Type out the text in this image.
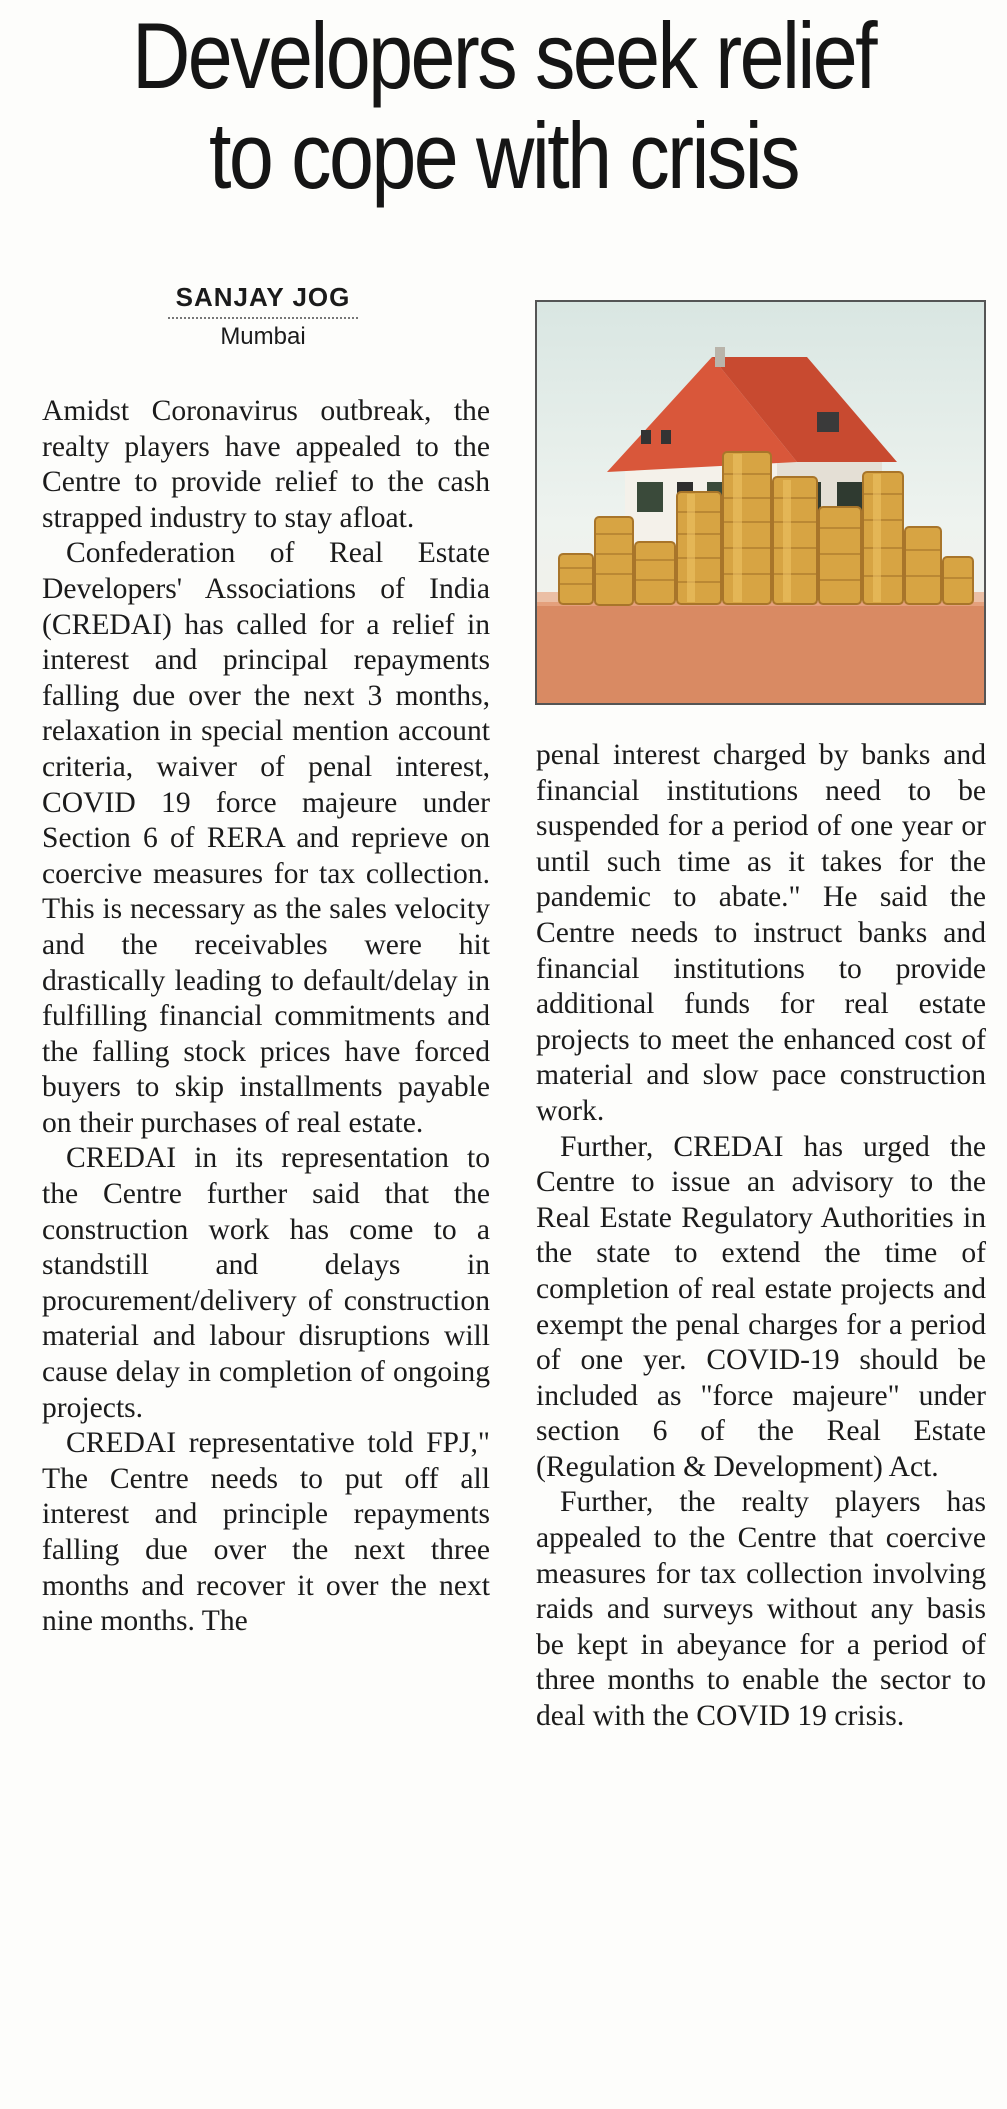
Developers seek relief
to cope with crisis
SANJAY JOG
Mumbai

Amidst Coronavirus outbreak, the realty players have appealed to the Centre to provide relief to the cash strapped industry to stay afloat.

Confederation of Real Estate Developers' Associations of India (CREDAI) has called for a relief in interest and principal repayments falling due over the next 3 months, relaxation in special mention account criteria, waiver of penal interest, COVID 19 force majeure under Section 6 of RERA and reprieve on coercive measures for tax collection. This is necessary as the sales velocity and the receivables were hit drastically leading to default/delay in fulfilling financial commitments and the falling stock prices have forced buyers to skip installments payable on their purchases of real estate.

CREDAI in its representation to the Centre further said that the construction work has come to a standstill and delays in procurement/delivery of construction material and labour disruptions will cause delay in completion of ongoing projects.

CREDAI representative told FPJ," The Centre needs to put off all interest and principle repayments falling due over the next three months and recover it over the next nine months. The

penal interest charged by banks and financial institutions need to be suspended for a period of one year or until such time as it takes for the pandemic to abate." He said the Centre needs to instruct banks and financial institutions to provide additional funds for real estate projects to meet the enhanced cost of material and slow pace construction work.

Further, CREDAI has urged the Centre to issue an advisory to the Real Estate Regulatory Authorities in the state to extend the time of completion of real estate projects and exempt the penal charges for a period of one yer. COVID-19 should be included as "force majeure" under section 6 of the Real Estate (Regulation & Development) Act.

Further, the realty players has appealed to the Centre that coercive measures for tax collection involving raids and surveys without any basis be kept in abeyance for a period of three months to enable the sector to deal with the COVID 19 crisis.
